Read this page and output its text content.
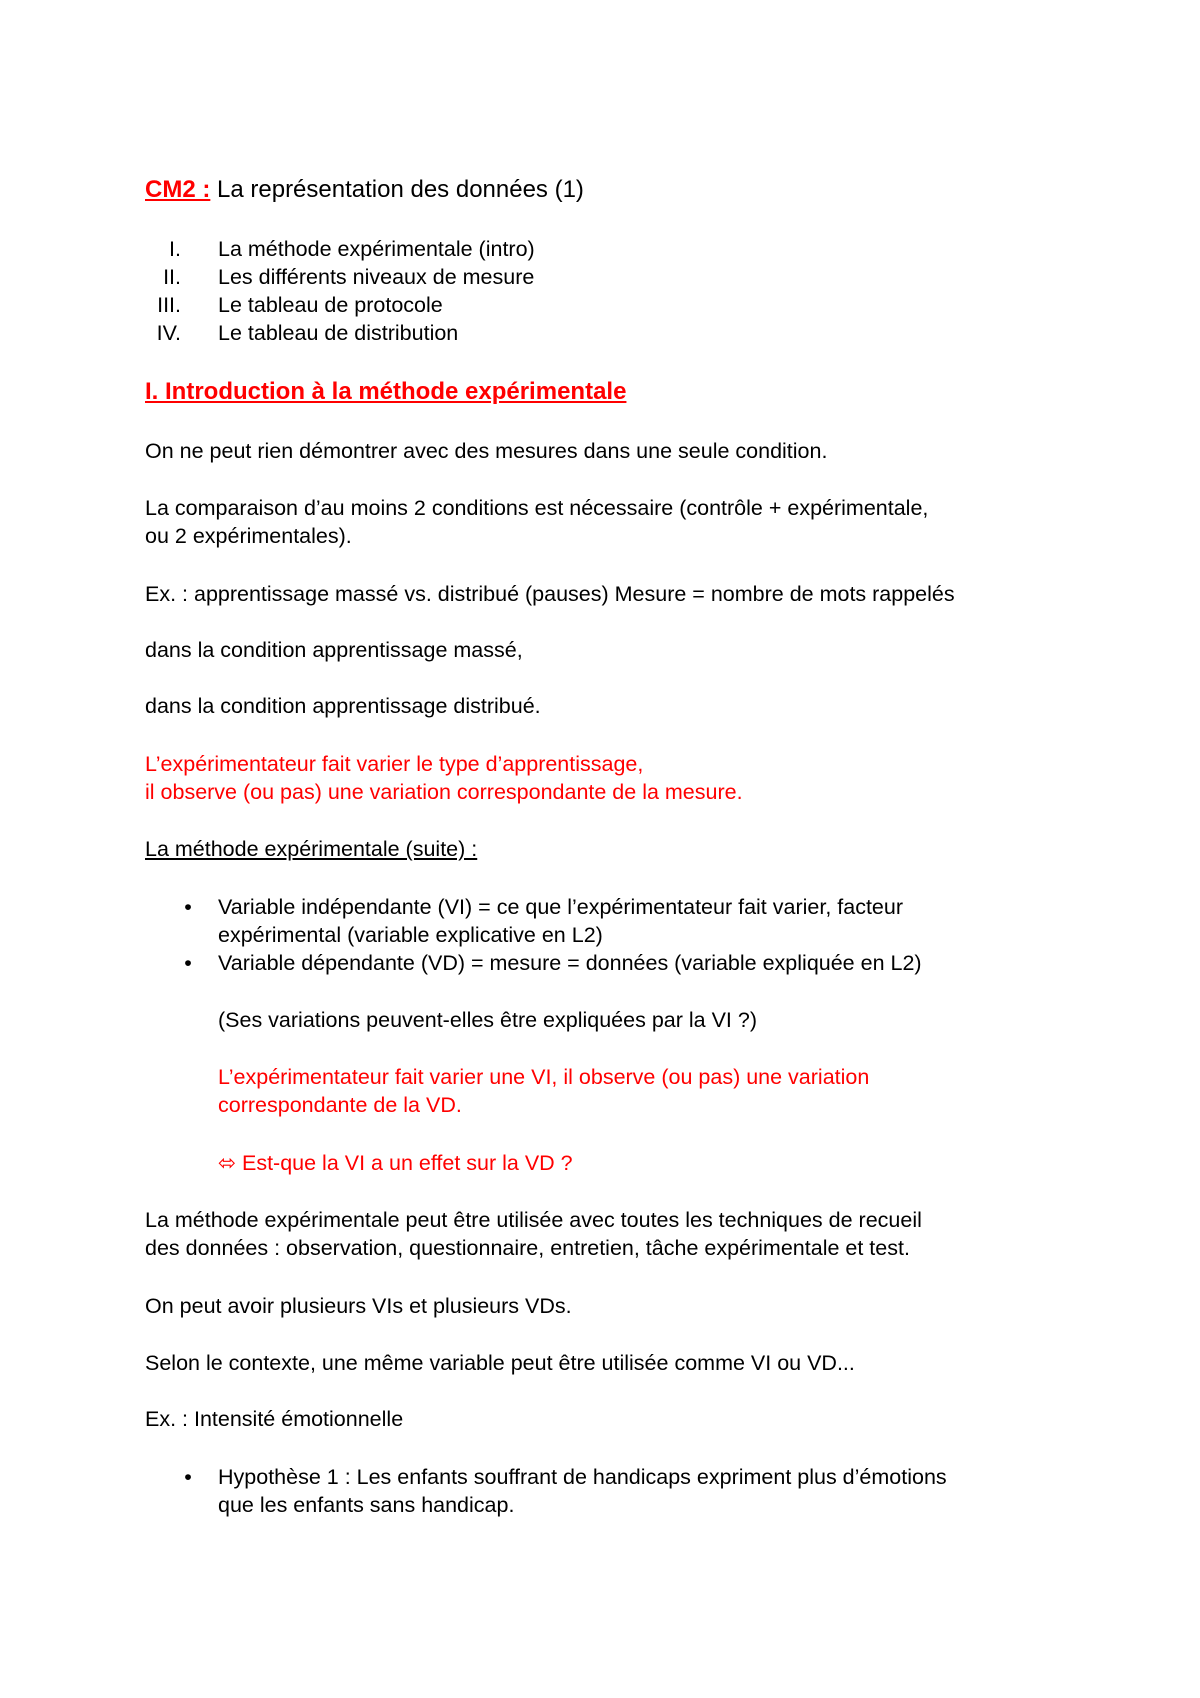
CM2 : La représentation des données (1)
I. La méthode expérimentale (intro)
II. Les différents niveaux de mesure
III. Le tableau de protocole
IV. Le tableau de distribution
I. Introduction à la méthode expérimentale
On ne peut rien démontrer avec des mesures dans une seule condition.
La comparaison d’au moins 2 conditions est nécessaire (contrôle + expérimentale,
ou 2 expérimentales).
Ex. : apprentissage massé vs. distribué (pauses) Mesure = nombre de mots rappelés
dans la condition apprentissage massé,
dans la condition apprentissage distribué.
L’expérimentateur fait varier le type d’apprentissage,
il observe (ou pas) une variation correspondante de la mesure.
La méthode expérimentale (suite) :
• Variable indépendante (VI) = ce que l’expérimentateur fait varier, facteur
expérimental (variable explicative en L2)
• Variable dépendante (VD) = mesure = données (variable expliquée en L2)
(Ses variations peuvent-elles être expliquées par la VI ?)
L’expérimentateur fait varier une VI, il observe (ou pas) une variation
correspondante de la VD.
⬄ Est-que la VI a un effet sur la VD ?
La méthode expérimentale peut être utilisée avec toutes les techniques de recueil
des données : observation, questionnaire, entretien, tâche expérimentale et test.
On peut avoir plusieurs VIs et plusieurs VDs.
Selon le contexte, une même variable peut être utilisée comme VI ou VD...
Ex. : Intensité émotionnelle
• Hypothèse 1 : Les enfants souffrant de handicaps expriment plus d’émotions
que les enfants sans handicap.
